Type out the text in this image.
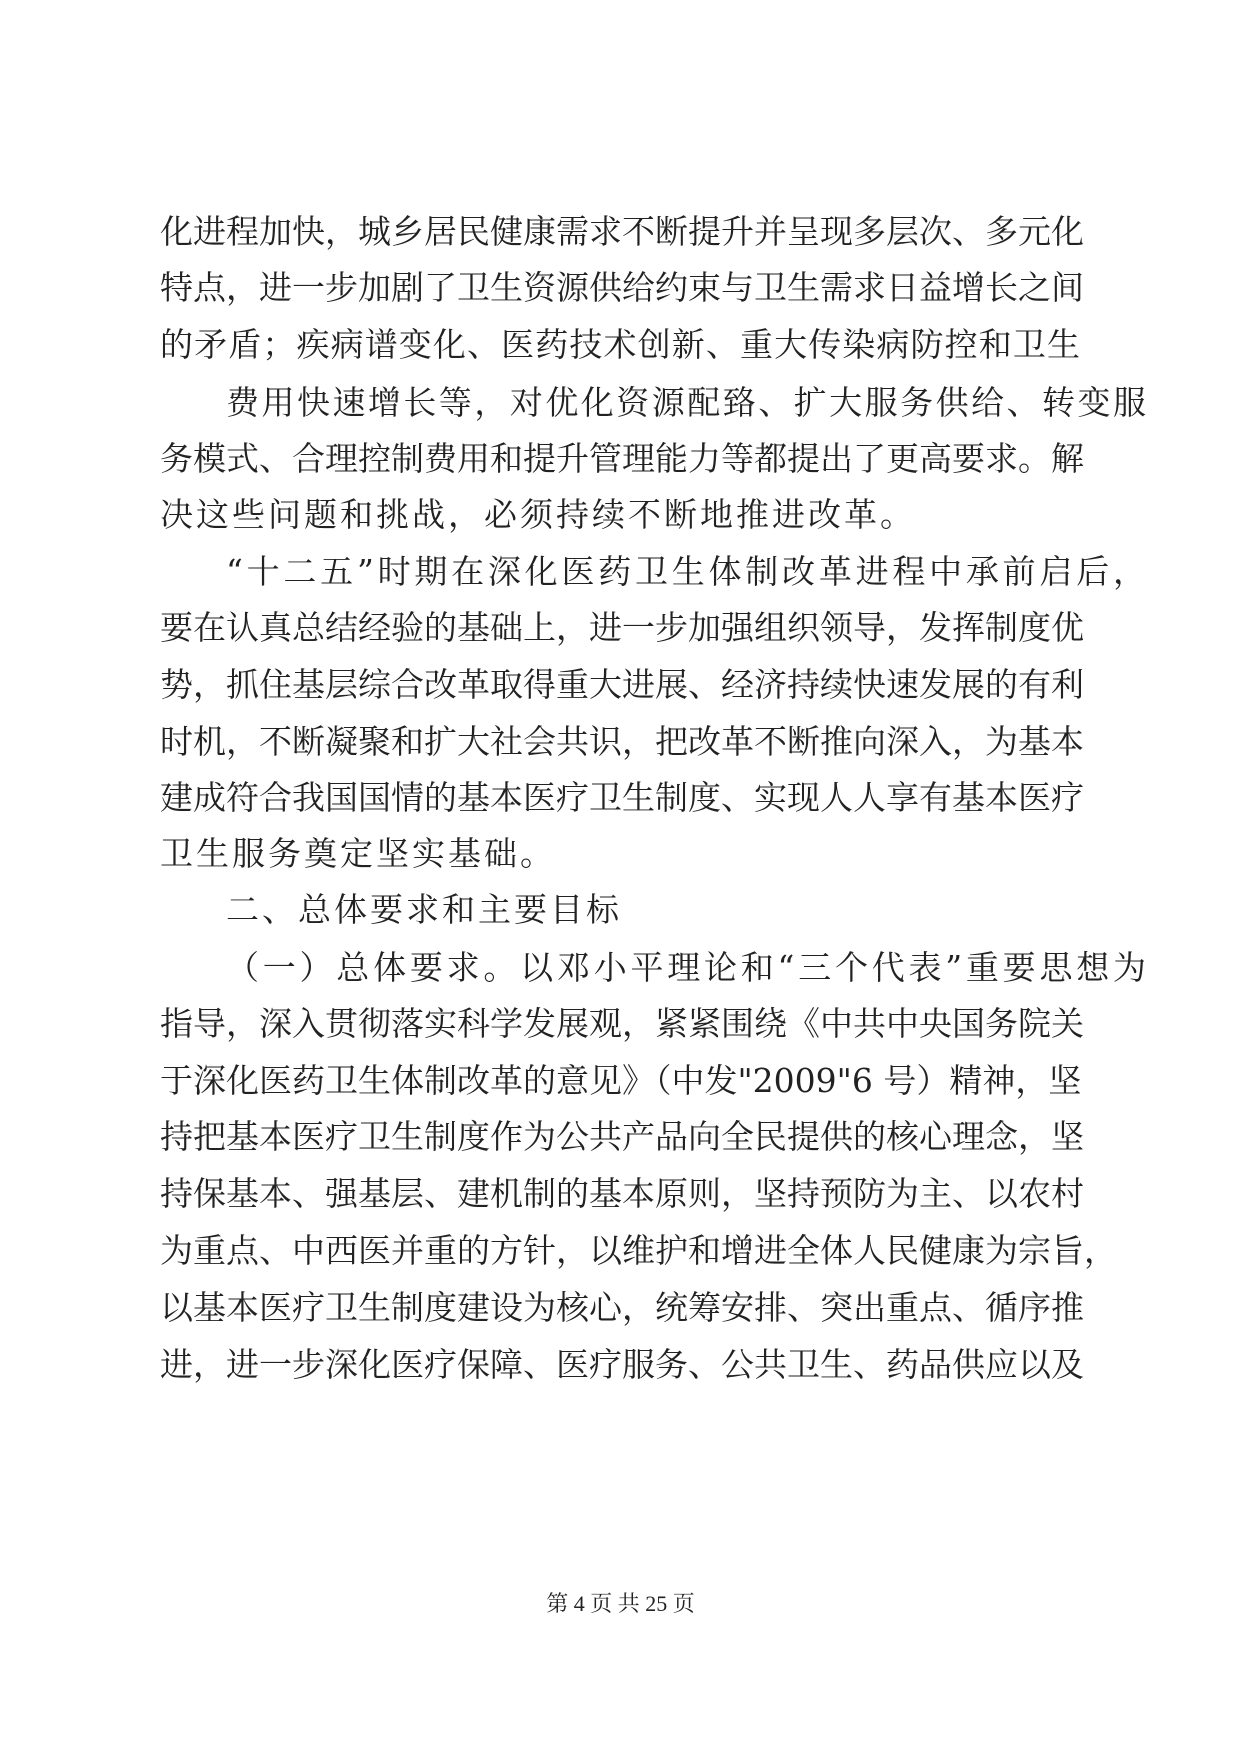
化进程加快，城乡居民健康需求不断提升并呈现多层次、多元化
特点，进一步加剧了卫生资源供给约束与卫生需求日益增长之间
的矛盾；疾病谱变化、医药技术创新、重大传染病防控和卫生
费用快速增长等，对优化资源配臵、扩大服务供给、转变服
务模式、合理控制费用和提升管理能力等都提出了更高要求。解
决这些问题和挑战，必须持续不断地推进改革。
“十二五”时期在深化医药卫生体制改革进程中承前启后，
要在认真总结经验的基础上，进一步加强组织领导，发挥制度优
势，抓住基层综合改革取得重大进展、经济持续快速发展的有利
时机，不断凝聚和扩大社会共识，把改革不断推向深入，为基本
建成符合我国国情的基本医疗卫生制度、实现人人享有基本医疗
卫生服务奠定坚实基础。
二、总体要求和主要目标
（一）总体要求。以邓小平理论和“三个代表”重要思想为
指导，深入贯彻落实科学发展观，紧紧围绕《中共中央国务院关
于深化医药卫生体制改革的意见》（中发"2009"6 号）精神，坚
持把基本医疗卫生制度作为公共产品向全民提供的核心理念，坚
持保基本、强基层、建机制的基本原则，坚持预防为主、以农村
为重点、中西医并重的方针，以维护和增进全体人民健康为宗旨，
以基本医疗卫生制度建设为核心，统筹安排、突出重点、循序推
进，进一步深化医疗保障、医疗服务、公共卫生、药品供应以及
第 4 页 共 25 页
